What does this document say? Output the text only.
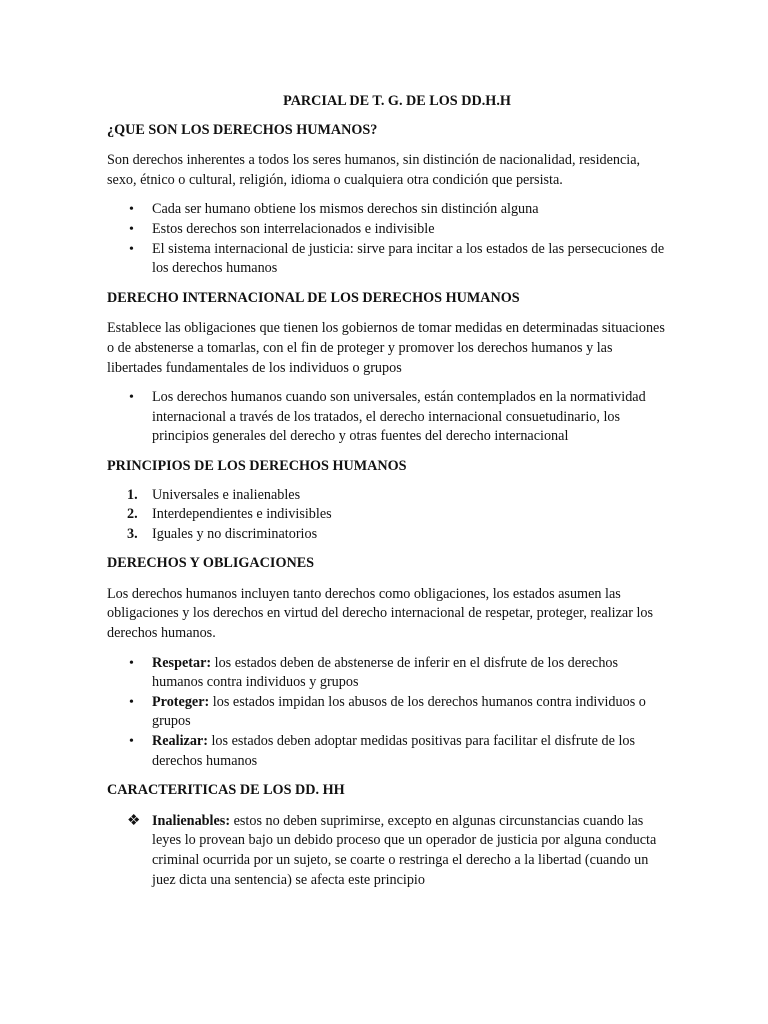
PARCIAL DE T. G. DE LOS DD.H.H
¿QUE SON LOS DERECHOS HUMANOS?

Son derechos inherentes a todos los seres humanos, sin distinción de nacionalidad, residencia, sexo, étnico o cultural, religión, idioma o cualquiera otra condición que persista.

• Cada ser humano obtiene los mismos derechos sin distinción alguna
• Estos derechos son interrelacionados e indivisible
• El sistema internacional de justicia: sirve para incitar a los estados de las persecuciones de los derechos humanos
DERECHO INTERNACIONAL DE LOS DERECHOS HUMANOS

Establece las obligaciones que tienen los gobiernos de tomar medidas en determinadas situaciones o de abstenerse a tomarlas, con el fin de proteger y promover los derechos humanos y las libertades fundamentales de los individuos o grupos

• Los derechos humanos cuando son universales, están contemplados en la normatividad internacional a través de los tratados, el derecho internacional consuetudinario, los principios generales del derecho y otras fuentes del derecho internacional
PRINCIPIOS DE LOS DERECHOS HUMANOS
1. Universales e inalienables
2. Interdependientes e indivisibles
3. Iguales y no discriminatorios
DERECHOS Y OBLIGACIONES

Los derechos humanos incluyen tanto derechos como obligaciones, los estados asumen las obligaciones y los derechos en virtud del derecho internacional de respetar, proteger, realizar los derechos humanos.

• Respetar: los estados deben de abstenerse de inferir en el disfrute de los derechos humanos contra individuos y grupos
• Proteger: los estados impidan los abusos de los derechos humanos contra individuos o grupos
• Realizar: los estados deben adoptar medidas positivas para facilitar el disfrute de los derechos humanos
CARACTERITICAS DE LOS DD. HH
❖ Inalienables: estos no deben suprimirse, excepto en algunas circunstancias cuando las leyes lo provean bajo un debido proceso que un operador de justicia por alguna conducta criminal ocurrida por un sujeto, se coarte o restringa el derecho a la libertad (cuando un juez dicta una sentencia) se afecta este principio
